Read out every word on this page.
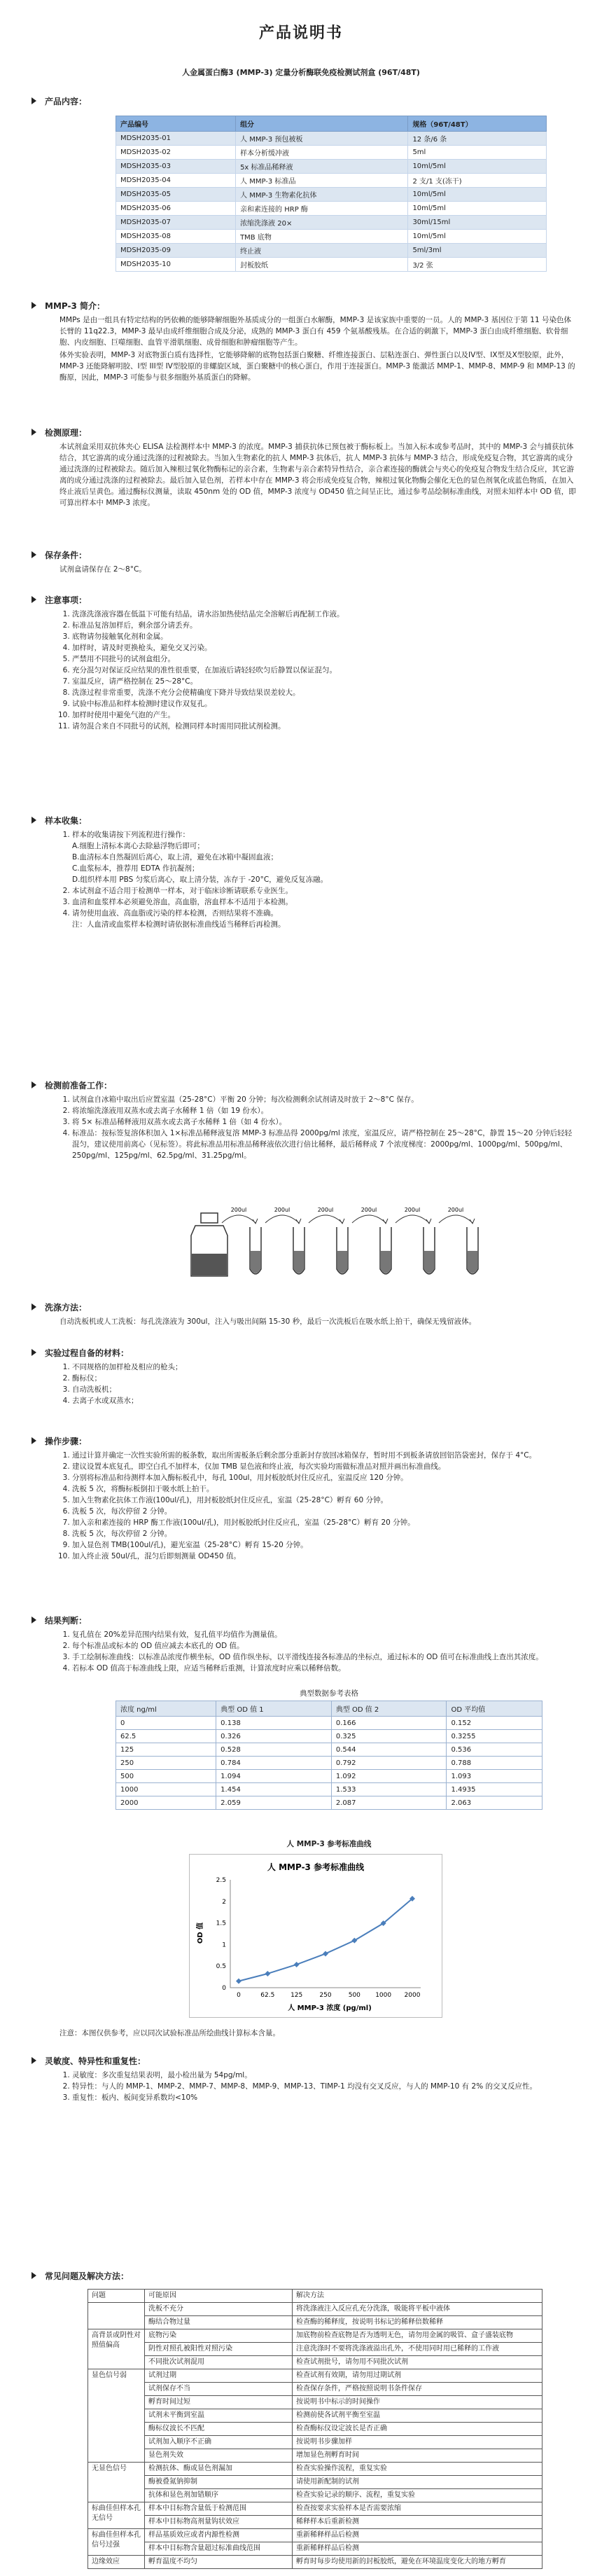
产品说明书
人金属蛋白酶3 (MMP-3) 定量分析酶联免疫检测试剂盒 (96T/48T)
产品内容：
产品编号	组分	规格（96T/48T）
MDSH2035-01	人 MMP-3 预包被板	12 条/6 条
MDSH2035-02	样本分析缓冲液	5ml
MDSH2035-03	5x 标准品稀释液	10ml/5ml
MDSH2035-04	人 MMP-3 标准品	2 支/1 支(冻干)
MDSH2035-05	人 MMP-3 生物素化抗体	10ml/5ml
MDSH2035-06	亲和素连接的 HRP 酶	10ml/5ml
MDSH2035-07	浓缩洗涤液 20×	30ml/15ml
MDSH2035-08	TMB 底物	10ml/5ml
MDSH2035-09	终止液	5ml/3ml
MDSH2035-10	封板胶纸	3/2 张
MMP-3 简介：

MMPs 是由一组具有特定结构的钙依赖的能够降解细胞外基质成分的一组蛋白水解酶，MMP-3 是该家族中重要的一员。人的 MMP-3 基因位于第 11 号染色体长臂的 11q22.3，MMP-3 最早由成纤维细胞合成及分泌，成熟的 MMP-3 蛋白有 459 个氨基酸残基。在合适的刺激下，MMP-3 蛋白由成纤维细胞、软骨细胞、内皮细胞、巨噬细胞、血管平滑肌细胞、成骨细胞和肿瘤细胞等产生。

体外实验表明，MMP-3 对底物蛋白质有选择性，它能够降解的底物包括蛋白聚糖、纤维连接蛋白、层粘连蛋白、弹性蛋白以及IV型、IX型及X型胶原，此外，MMP-3 还能降解明胶、I型 III型 IV型胶原的非螺旋区域，蛋白聚糖中的核心蛋白，作用于连接蛋白。MMP-3 能激活 MMP-1、MMP-8、MMP-9 和 MMP-13 的酶原，因此，MMP-3 可能参与很多细胞外基质蛋白的降解。

检测原理：

本试剂盒采用双抗体夹心 ELISA 法检测样本中 MMP-3 的浓度。MMP-3 捕获抗体已预包被于酶标板上。当加入标本或参考品时，其中的 MMP-3 会与捕获抗体结合，其它游离的成分通过洗涤的过程被除去。当加入生物素化的抗人 MMP-3 抗体后，抗人 MMP-3 抗体与 MMP-3 结合，形成免疫复合物，其它游离的成分通过洗涤的过程被除去。随后加入辣根过氧化物酶标记的亲合素，生物素与亲合素特异性结合，亲合素连接的酶就会与夹心的免疫复合物发生结合反应，其它游离的成分通过洗涤的过程被除去。最后加入显色剂，若样本中存在 MMP-3 将会形成免疫复合物，辣根过氧化物酶会催化无色的显色剂氧化成蓝色物质，在加入终止液后呈黄色。通过酶标仪测量，读取 450nm 处的 OD 值，MMP-3 浓度与 OD450 值之间呈正比，通过参考品绘制标准曲线，对照未知样本中 OD 值，即可算出样本中 MMP-3 浓度。

保存条件：

试剂盒请保存在 2～8°C。

注意事项：
1. 洗涤洗涤液容器在低温下可能有结晶，请水浴加热使结晶完全溶解后再配制工作液。
2. 标准品复溶加样后，剩余部分请丢弃。
3. 底物请勿接触氧化剂和金属。
4. 加样时，请及时更换枪头，避免交叉污染。
5. 严禁用不同批号的试剂盒组分。
6. 充分混匀对保证反应结果的准性很重要，在加液后请轻轻吹匀后静置以保证混匀。
7. 室温反应，请严格控制在 25～28°C。
8. 洗涤过程非常重要，洗涤不充分会使精确度下降并导致结果误差较大。
9. 试验中标准品和样本检测时建议作双复孔。
10. 加样时使用中避免气泡的产生。
11. 请勿混合来自不同批号的试剂，检测同样本时需用同批试剂检测。
样本收集：
1. 样本的收集请按下列流程进行操作：
A.细胞上清标本离心去除悬浮物后即可；
B.血清标本自然凝固后离心，取上清，避免在冰箱中凝固血液；
C.血浆标本，推荐用 EDTA 作抗凝剂；
D.组织样本用 PBS 匀浆后离心，取上清分装，冻存于 -20°C，避免反复冻融。
2. 本试剂盒不适合用于检测单一样本，对于临床诊断请联系专业医生。
3. 血清和血浆样本必须避免溶血，高血脂，溶血样本不适用于本检测。
4. 请勿使用血液、高血脂或污染的样本检测，否则结果将不准确。
注：人血清或血浆样本检测时请依据标准曲线适当稀释后再检测。
检测前准备工作：
1. 试剂盒自冰箱中取出后应置室温（25-28°C）平衡 20 分钟；每次检测剩余试剂请及时放于 2～8°C 保存。
2. 将浓缩洗涤液用双蒸水或去离子水稀释 1 倍（如 19 份水）。
3. 将 5× 标准品稀释液用双蒸水或去离子水稀释 1 倍（如 4 份水）。
4. 标准品：按标签复溶体积加入 1×标准品稀释液复溶 MMP-3 标准品得 2000pg/ml 浓度，室温反应，请严格控制在 25～28°C，静置 15～20 分钟后轻轻混匀，建议使用前离心（见标签）。将此标准品用标准品稀释液依次进行倍比稀释，最后稀释成 7 个浓度梯度：2000pg/ml、1000pg/ml、500pg/ml、250pg/ml、125pg/ml、62.5pg/ml、31.25pg/ml。
200ul	200ul	200ul	200ul	200ul	200ul
洗涤方法：

自动洗板机或人工洗板：每孔洗涤液为 300ul，注入与吸出间隔 15-30 秒，最后一次洗板后在吸水纸上拍干，确保无残留液体。

实验过程自备的材料：
1. 不同规格的加样枪及相应的枪头；
2. 酶标仪；
3. 自动洗板机；
4. 去离子水或双蒸水；
操作步骤：
1. 通过计算并确定一次性实验所需的板条数，取出所需板条后剩余部分重新封存放回冰箱保存，暂时用不到板条请放回铝箔袋密封，保存于 4°C。
2. 建议设置本底复孔，即空白孔不加样本，仅加 TMB 显色液和终止液，每次实验均需做标准品对照并画出标准曲线。
3. 分别将标准品和待测样本加入酶标板孔中，每孔 100ul，用封板胶纸封住反应孔，室温反应 120 分钟。
4. 洗板 5 次，将酶标板倒扣于吸水纸上拍干。
5. 加入生物素化抗体工作液(100ul/孔)，用封板胶纸封住反应孔，室温（25-28°C）孵育 60 分钟。
6. 洗板 5 次，每次停留 2 分钟。
7. 加入亲和素连接的 HRP 酶工作液(100ul/孔)，用封板胶纸封住反应孔，室温（25-28°C）孵育 20 分钟。
8. 洗板 5 次，每次停留 2 分钟。
9. 加入显色剂 TMB(100ul/孔)，避光室温（25-28°C）孵育 15-20 分钟。
10. 加入终止液 50ul/孔，混匀后即刻测量 OD450 值。
结果判断：
1. 复孔值在 20%差异范围内结果有效，复孔值平均值作为测量值。
2. 每个标准品或标本的 OD 值应减去本底孔的 OD 值。
3. 手工绘制标准曲线：以标准品浓度作横坐标，OD 值作纵坐标，以平滑线连接各标准品的坐标点，通过标本的 OD 值可在标准曲线上查出其浓度。
4. 若标本 OD 值高于标准曲线上限，应适当稀释后重测，计算浓度时应乘以稀释倍数。
典型数据参考表格
浓度 ng/ml	典型 OD 值 1	典型 OD 值 2	OD 平均值
0	0.138	0.166	0.152
62.5	0.326	0.325	0.3255
125	0.528	0.544	0.536
250	0.784	0.792	0.788
500	1.094	1.092	1.093
1000	1.454	1.533	1.4935
2000	2.059	2.087	2.063
人 MMP-3 参考标准曲线
人 MMP-3 参考标准曲线
OD 值
人 MMP-3 浓度 (pg/ml)
0
0.5
1
1.5
2
2.5
0	62.5	125	250	500 1000 2000
注意：本图仅供参考，应以同次试验标准品所绘曲线计算标本含量。
灵敏度、特异性和重复性：
1. 灵敏度：多次重复结果表明，最小检出量为 54pg/ml。
2. 特异性：与人的 MMP-1、MMP-2、MMP-7、MMP-8、MMP-9、MMP-13、TIMP-1 均没有交叉反应，与人的 MMP-10 有 2% 的交叉反应性。
3. 重复性：板内、板间变异系数均<10%
常见问题及解决方法：
问题	可能原因	解决方法
	洗板不充分	将洗涤液注入反应孔充分洗涤，吸能将平板中液体
	酶结合物过量	检查酶的稀释度，按说明书标记的稀释倍数稀释
高背景或阴性对照值偏高	底物污染	加底物前检查底物是否为透明无色，请勿用金属的吸管、盒子盛装底物
	阴性对照孔被阳性对照污染	注意洗涤时不要将洗涤液溢出孔外，不使用同时用已稀释的工作液
	不同批次试剂混用	检查试剂批号，请勿用不同批次试剂
显色信号弱	试剂过期	检查试剂有效期，请勿用过期试剂
	试剂保存不当	检查保存条件，严格按照说明书条件保存
	孵育时间过短	按说明书中标示的时间操作
	试剂未平衡到室温	检测前使各试剂平衡至室温
	酶标仪波长不匹配	检查酶标仪设定波长是否正确
	试剂加入顺序不正确	按说明书步骤加样
	显色剂失效	增加显色剂孵育时间
无显色信号	检测抗体、酶或显色剂漏加	检查实验操作流程，重复实验
	酶被叠氮钠抑制	请使用新配制的试剂
	抗体和显色剂加错顺序	检查实验记录的顺序、流程，重复实验
标曲佳但样本孔无信号	样本中目标物含量低于检测范围	检查按要求实验样本是否需要浓缩
	样本中目标物高剂量钩状效应	稀释样本后重新检测
标曲佳但样本孔信号过强	样品基质效应或者内源性检测	重新稀释样品后检测
	样本中目标物含量超过标准曲线范围	重新稀释样品后检测
边缘效应	孵育温度不均匀	孵育时每步均使用新的封板胶纸，避免在环境温度变化大的地方孵育
